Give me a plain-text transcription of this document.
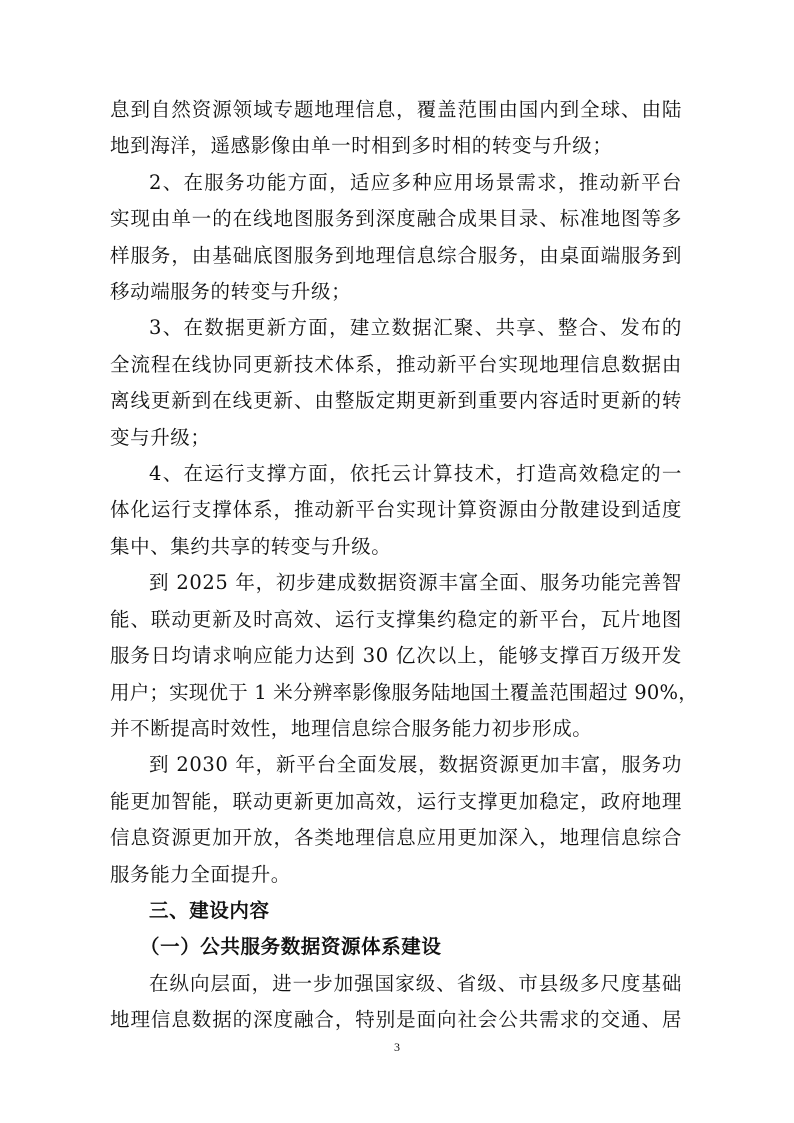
息到自然资源领域专题地理信息，覆盖范围由国内到全球、由陆
地到海洋，遥感影像由单一时相到多时相的转变与升级；
2、在服务功能方面，适应多种应用场景需求，推动新平台
实现由单一的在线地图服务到深度融合成果目录、标准地图等多
样服务，由基础底图服务到地理信息综合服务，由桌面端服务到
移动端服务的转变与升级；
3、在数据更新方面，建立数据汇聚、共享、整合、发布的
全流程在线协同更新技术体系，推动新平台实现地理信息数据由
离线更新到在线更新、由整版定期更新到重要内容适时更新的转
变与升级；
4、在运行支撑方面，依托云计算技术，打造高效稳定的一
体化运行支撑体系，推动新平台实现计算资源由分散建设到适度
集中、集约共享的转变与升级。
到 2025 年，初步建成数据资源丰富全面、服务功能完善智
能、联动更新及时高效、运行支撑集约稳定的新平台，瓦片地图
服务日均请求响应能力达到 30 亿次以上，能够支撑百万级开发
用户；实现优于 1 米分辨率影像服务陆地国土覆盖范围超过 90%，
并不断提高时效性，地理信息综合服务能力初步形成。
到 2030 年，新平台全面发展，数据资源更加丰富，服务功
能更加智能，联动更新更加高效，运行支撑更加稳定，政府地理
信息资源更加开放，各类地理信息应用更加深入，地理信息综合
服务能力全面提升。
三、建设内容
（一）公共服务数据资源体系建设
在纵向层面，进一步加强国家级、省级、市县级多尺度基础
地理信息数据的深度融合，特别是面向社会公共需求的交通、居
3
